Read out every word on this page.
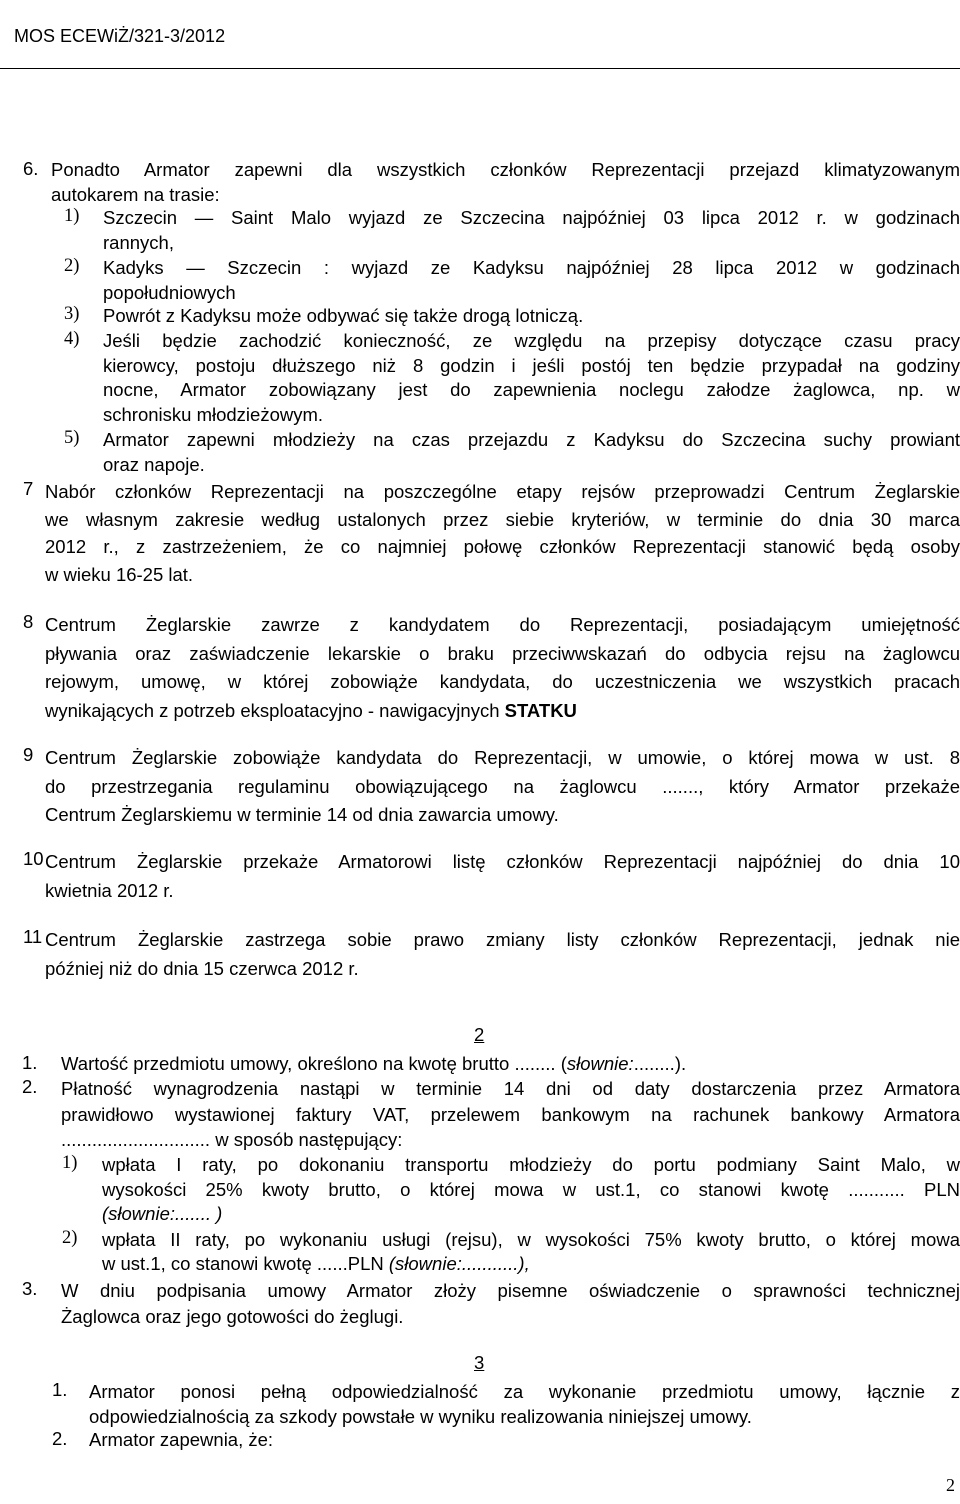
MOS ECEWiŻ/321-3/2012
6. Ponadto Armator zapewni dla wszystkich członków Reprezentacji przejazd klimatyzowanym
autokarem na trasie:
1) Szczecin ― Saint Malo wyjazd ze Szczecina najpóźniej 03 lipca 2012 r. w godzinach
rannych,
2) Kadyks ― Szczecin : wyjazd ze Kadyksu najpóźniej 28 lipca 2012 w godzinach
popołudniowych
3) Powrót z Kadyksu może odbywać się także drogą lotniczą.
4) Jeśli będzie zachodzić konieczność, ze względu na przepisy dotyczące czasu pracy
kierowcy, postoju dłuższego niż 8 godzin i jeśli postój ten będzie przypadał na godziny
nocne, Armator zobowiązany jest do zapewnienia noclegu załodze żaglowca, np. w
schronisku młodzieżowym.
5) Armator zapewni młodzieży na czas przejazdu z Kadyksu do Szczecina suchy prowiant
oraz napoje.
7 Nabór członków Reprezentacji na poszczególne etapy rejsów przeprowadzi Centrum Żeglarskie
we własnym zakresie według ustalonych przez siebie kryteriów, w terminie do dnia 30 marca
2012 r., z zastrzeżeniem, że co najmniej połowę członków Reprezentacji stanowić będą osoby
w wieku 16-25 lat.
8 Centrum Żeglarskie zawrze z kandydatem do Reprezentacji, posiadającym umiejętność
pływania oraz zaświadczenie lekarskie o braku przeciwwskazań do odbycia rejsu na żaglowcu
rejowym, umowę, w której zobowiąże kandydata, do uczestniczenia we wszystkich pracach
wynikających z potrzeb eksploatacyjno - nawigacyjnych STATKU
9 Centrum Żeglarskie zobowiąże kandydata do Reprezentacji, w umowie, o której mowa w ust. 8
do przestrzegania regulaminu obowiązującego na żaglowcu ......., który Armator przekaże
Centrum Żeglarskiemu w terminie 14 od dnia zawarcia umowy.
10 Centrum Żeglarskie przekaże Armatorowi listę członków Reprezentacji najpóźniej do dnia 10
kwietnia 2012 r.
11 Centrum Żeglarskie zastrzega sobie prawo zmiany listy członków Reprezentacji, jednak nie
później niż do dnia 15 czerwca 2012 r.
2
1. Wartość przedmiotu umowy, określono na kwotę brutto ........ (słownie:........).
2. Płatność wynagrodzenia nastąpi w terminie 14 dni od daty dostarczenia przez Armatora
prawidłowo wystawionej faktury VAT, przelewem bankowym na rachunek bankowy Armatora
............................. w sposób następujący:
1) wpłata I raty, po dokonaniu transportu młodzieży do portu podmiany Saint Malo, w
wysokości 25% kwoty brutto, o której mowa w ust.1, co stanowi kwotę ........... PLN
(słownie:....... )
2) wpłata II raty, po wykonaniu usługi (rejsu), w wysokości 75% kwoty brutto, o której mowa
w ust.1, co stanowi kwotę ......PLN (słownie:...........),
3. W dniu podpisania umowy Armator złoży pisemne oświadczenie o sprawności technicznej
Żaglowca oraz jego gotowości do żeglugi.
3
1. Armator ponosi pełną odpowiedzialność za wykonanie przedmiotu umowy, łącznie z
odpowiedzialnością za szkody powstałe w wyniku realizowania niniejszej umowy.
2. Armator zapewnia, że:
2
